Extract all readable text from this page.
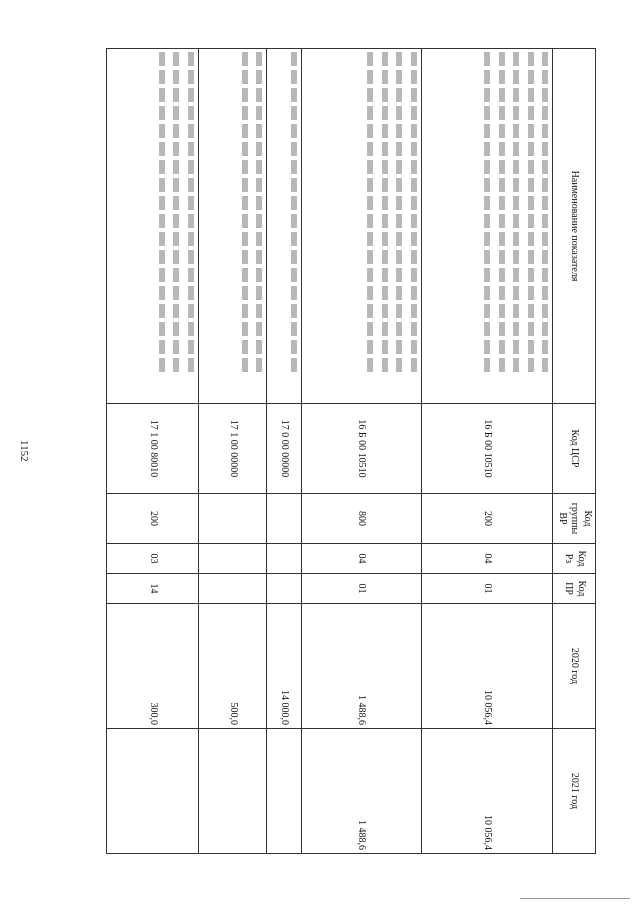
1152
Наименование показателя	Код ЦСР	Код группы ВР	Код Рз	Код ПР	2020 год	2021 год
	16 Б 00 10510	200	04	01	10 056,4	10 056,4
	16 Б 00 10510	800	04	01	1 488,6	1 488,6
	17 0 00 00000				14 000,0	
	17 1 00 00000				500,0	
	17 1 00 80010	200	03	14	300,0	
